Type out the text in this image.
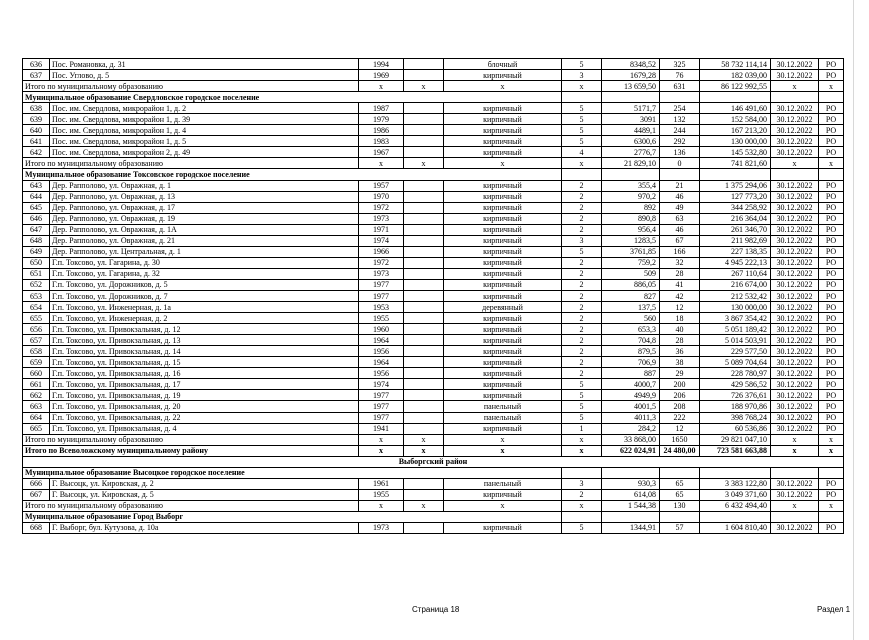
636	Пос. Романовка, д. 31	1994		блочный	5	8348,52	325	58 732 114,14	30.12.2022	РО
637	Пос. Углово, д. 5	1969		кирпичный	3	1679,28	76	182 039,00	30.12.2022	РО
Итого по муниципальному образованию		x	x	x	x	13 659,50	631	86 122 992,55	x	x
Муниципальное образование Свердловское городское поселение										
638	Пос. им. Свердлова, микрорайон 1, д. 2	1987		кирпичный	5	5171,7	254	146 491,60	30.12.2022	РО
639	Пос. им. Свердлова, микрорайон 1, д. 39	1979		кирпичный	5	3091	132	152 584,00	30.12.2022	РО
640	Пос. им. Свердлова, микрорайон 1, д. 4	1986		кирпичный	5	4489,1	244	167 213,20	30.12.2022	РО
641	Пос. им. Свердлова, микрорайон 1, д. 5	1983		кирпичный	5	6300,6	292	130 000,00	30.12.2022	РО
642	Пос. им. Свердлова, микрорайон 2, д. 49	1967		кирпичный	4	2776,7	136	145 532,80	30.12.2022	РО
Итого по муниципальному образованию		x	x	x	x	21 829,10	0	741 821,60	x	x
Муниципальное образование Токсовское городское поселение										
643	Дер. Рапполово, ул. Овражная, д. 1	1957		кирпичный	2	355,4	21	1 375 294,06	30.12.2022	РО
644	Дер. Рапполово, ул. Овражная, д. 13	1970		кирпичный	2	970,2	46	127 773,20	30.12.2022	РО
645	Дер. Рапполово, ул. Овражная, д. 17	1972		кирпичный	2	892	49	344 258,92	30.12.2022	РО
646	Дер. Рапполово, ул. Овражная, д. 19	1973		кирпичный	2	890,8	63	216 364,04	30.12.2022	РО
647	Дер. Рапполово, ул. Овражная, д. 1А	1971		кирпичный	2	956,4	46	261 346,70	30.12.2022	РО
648	Дер. Рапполово, ул. Овражная, д. 21	1974		кирпичный	3	1283,5	67	211 982,69	30.12.2022	РО
649	Дер. Рапполово, ул. Центральная, д. 1	1966		кирпичный	5	3761,85	166	227 138,35	30.12.2022	РО
650	Г.п. Токсово, ул. Гагарина, д. 30	1972		кирпичный	2	759,2	32	4 945 222,13	30.12.2022	РО
651	Г.п. Токсово, ул. Гагарина, д. 32	1973		кирпичный	2	509	28	267 110,64	30.12.2022	РО
652	Г.п. Токсово, ул. Дорожников, д. 5	1977		кирпичный	2	886,05	41	216 674,00	30.12.2022	РО
653	Г.п. Токсово, ул. Дорожников, д. 7	1977		кирпичный	2	827	42	212 532,42	30.12.2022	РО
654	Г.п. Токсово, ул. Инженерная, д. 1а	1953		деревянный	2	137,5	12	130 000,00	30.12.2022	РО
655	Г.п. Токсово, ул. Инженерная, д. 2	1955		кирпичный	2	560	18	3 867 354,42	30.12.2022	РО
656	Г.п. Токсово, ул. Привокзальная, д. 12	1960		кирпичный	2	653,3	40	5 051 189,42	30.12.2022	РО
657	Г.п. Токсово, ул. Привокзальная, д. 13	1964		кирпичный	2	704,8	28	5 014 503,91	30.12.2022	РО
658	Г.п. Токсово, ул. Привокзальная, д. 14	1956		кирпичный	2	879,5	36	229 577,50	30.12.2022	РО
659	Г.п. Токсово, ул. Привокзальная, д. 15	1964		кирпичный	2	706,9	38	5 089 704,64	30.12.2022	РО
660	Г.п. Токсово, ул. Привокзальная, д. 16	1956		кирпичный	2	887	29	228 780,97	30.12.2022	РО
661	Г.п. Токсово, ул. Привокзальная, д. 17	1974		кирпичный	5	4000,7	200	429 586,52	30.12.2022	РО
662	Г.п. Токсово, ул. Привокзальная, д. 19	1977		кирпичный	5	4949,9	206	726 376,61	30.12.2022	РО
663	Г.п. Токсово, ул. Привокзальная, д. 20	1977		панельный	5	4001,5	208	188 970,86	30.12.2022	РО
664	Г.п. Токсово, ул. Привокзальная, д. 22	1977		панельный	5	4011,3	222	398 768,24	30.12.2022	РО
665	Г.п. Токсово, ул. Привокзальная, д. 4	1941		кирпичный	1	284,2	12	60 536,86	30.12.2022	РО
Итого по муниципальному образованию		x	x	x	x	33 868,00	1650	29 821 047,10	x	x
Итого по Всеволожскому муниципальному району		x	x	x	x	622 024,91	24 480,00	723 581 663,88	x	x
Выборгский район										
Муниципальное образование Высоцкое городское поселение										
666	Г. Высоцк, ул. Кировская, д. 2	1961		панельный	3	930,3	65	3 383 122,80	30.12.2022	РО
667	Г. Высоцк, ул. Кировская, д. 5	1955		кирпичный	2	614,08	65	3 049 371,60	30.12.2022	РО
Итого по муниципальному образованию		x	x	x	x	1 544,38	130	6 432 494,40	x	x
Муниципальное образование Город Выборг										
668	Г. Выборг, бул. Кутузова, д. 10а	1973		кирпичный	5	1344,91	57	1 604 810,40	30.12.2022	РО
Страница 18	Раздел 1
